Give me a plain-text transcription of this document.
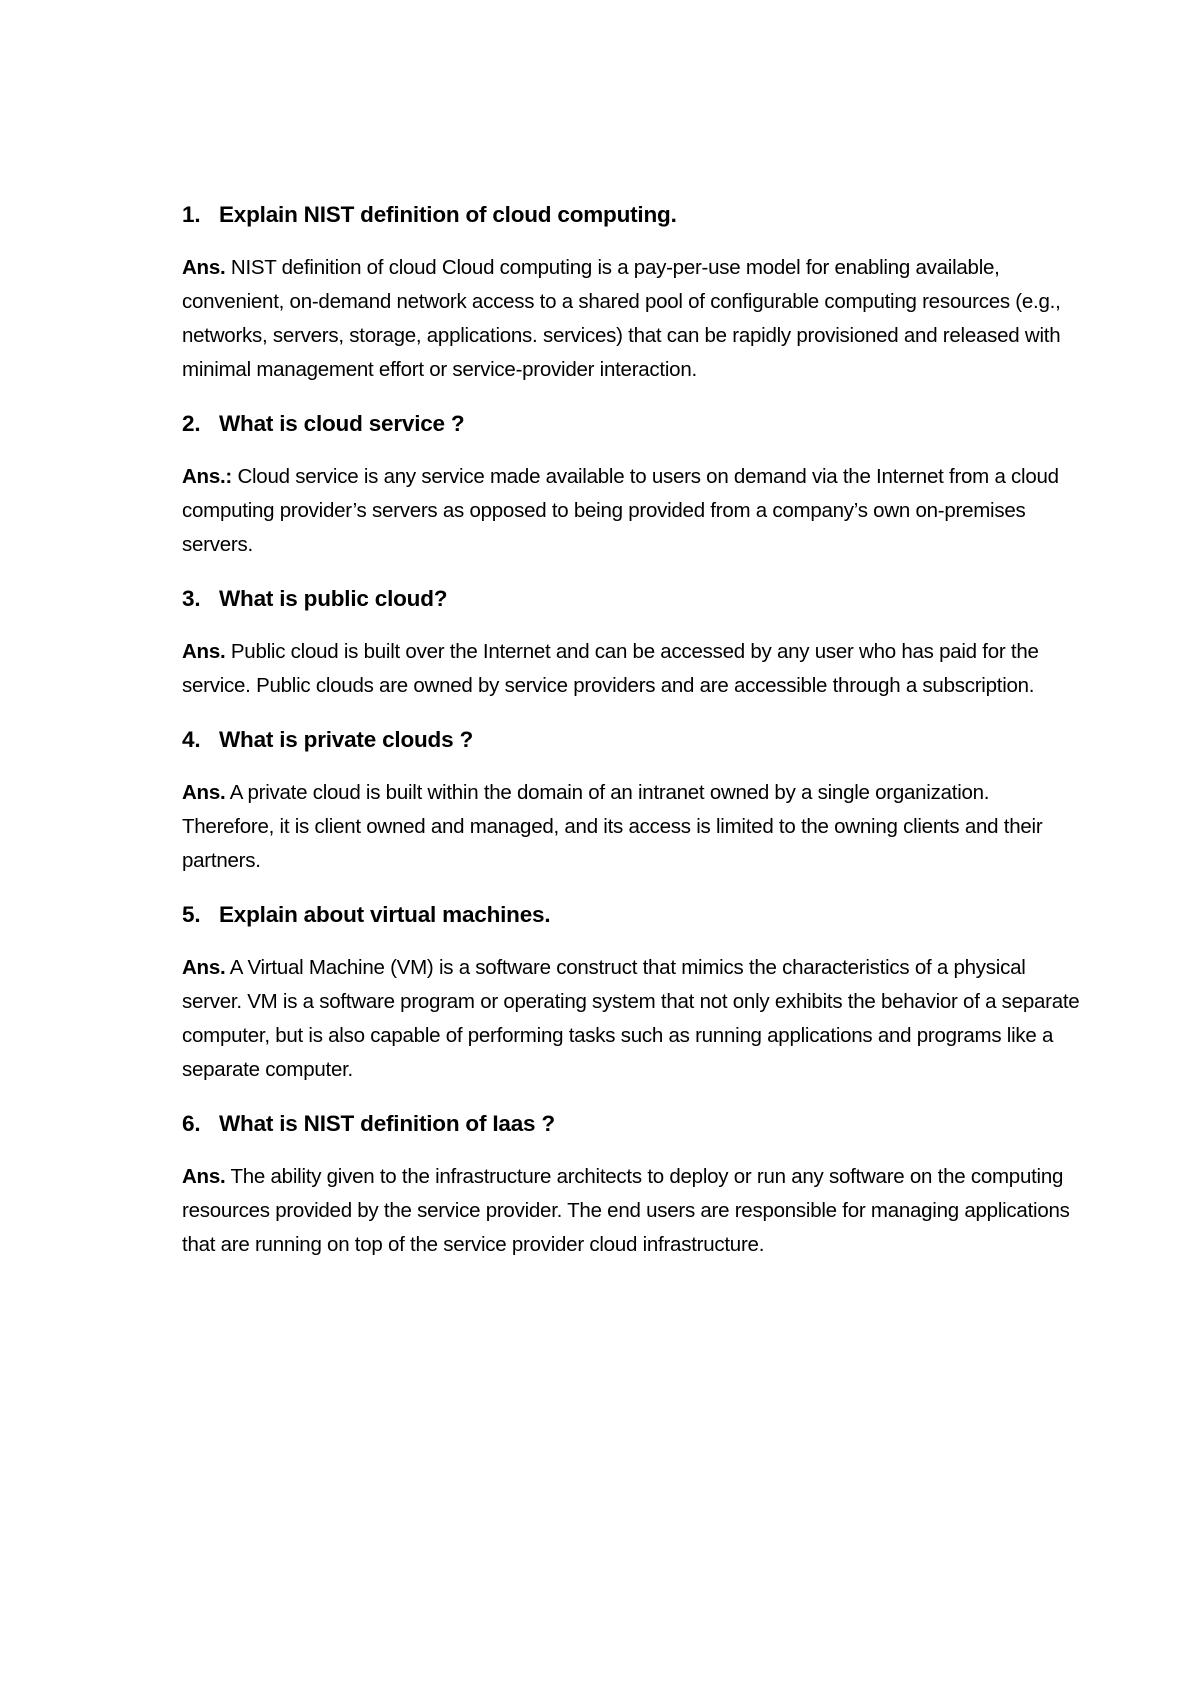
1. Explain NIST definition of cloud computing.

Ans. NIST definition of cloud Cloud computing is a pay-per-use model for enabling available, convenient, on-demand network access to a shared pool of configurable computing resources (e.g., networks, servers, storage, applications. services) that can be rapidly provisioned and released with minimal management effort or service-provider interaction.

2. What is cloud service ?

Ans.: Cloud service is any service made available to users on demand via the Internet from a cloud computing provider’s servers as opposed to being provided from a company’s own on-premises servers.

3. What is public cloud?

Ans. Public cloud is built over the Internet and can be accessed by any user who has paid for the service. Public clouds are owned by service providers and are accessible through a subscription.

4. What is private clouds ?

Ans. A private cloud is built within the domain of an intranet owned by a single organization. Therefore, it is client owned and managed, and its access is limited to the owning clients and their partners.

5. Explain about virtual machines.

Ans. A Virtual Machine (VM) is a software construct that mimics the characteristics of a physical server. VM is a software program or operating system that not only exhibits the behavior of a separate computer, but is also capable of performing tasks such as running applications and programs like a separate computer.

6. What is NIST definition of Iaas ?

Ans. The ability given to the infrastructure architects to deploy or run any software on the computing resources provided by the service provider. The end users are responsible for managing applications that are running on top of the service provider cloud infrastructure.
